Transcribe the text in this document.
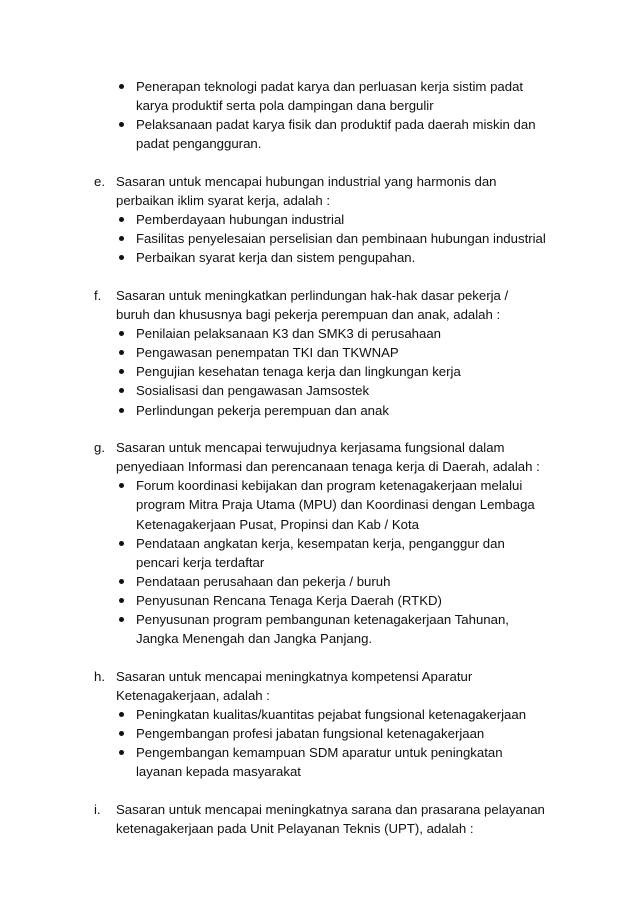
Penerapan teknologi padat karya dan perluasan kerja sistim padat
karya produktif serta pola dampingan dana bergulir
Pelaksanaan padat karya fisik dan produktif pada daerah miskin dan
padat pengangguran.
e. Sasaran untuk mencapai hubungan industrial yang harmonis dan
perbaikan iklim syarat kerja, adalah :
Pemberdayaan hubungan industrial
Fasilitas penyelesaian perselisian dan pembinaan hubungan industrial
Perbaikan syarat kerja dan sistem pengupahan.
f. Sasaran untuk meningkatkan perlindungan hak-hak dasar pekerja /
buruh dan khususnya bagi pekerja perempuan dan anak, adalah :
Penilaian pelaksanaan K3 dan SMK3 di perusahaan
Pengawasan penempatan TKI dan TKWNAP
Pengujian kesehatan tenaga kerja dan lingkungan kerja
Sosialisasi dan pengawasan Jamsostek
Perlindungan pekerja perempuan dan anak
g. Sasaran untuk mencapai terwujudnya kerjasama fungsional dalam
penyediaan Informasi dan perencanaan tenaga kerja di Daerah, adalah :
Forum koordinasi kebijakan dan program ketenagakerjaan melalui
program Mitra Praja Utama (MPU) dan Koordinasi dengan Lembaga
Ketenagakerjaan Pusat, Propinsi dan Kab / Kota
Pendataan angkatan kerja, kesempatan kerja, penganggur dan
pencari kerja terdaftar
Pendataan perusahaan dan pekerja / buruh
Penyusunan Rencana Tenaga Kerja Daerah (RTKD)
Penyusunan program pembangunan ketenagakerjaan Tahunan,
Jangka Menengah dan Jangka Panjang.
h. Sasaran untuk mencapai meningkatnya kompetensi Aparatur
Ketenagakerjaan, adalah :
Peningkatan kualitas/kuantitas pejabat fungsional ketenagakerjaan
Pengembangan profesi jabatan fungsional ketenagakerjaan
Pengembangan kemampuan SDM aparatur untuk peningkatan
layanan kepada masyarakat
i. Sasaran untuk mencapai meningkatnya sarana dan prasarana pelayanan
ketenagakerjaan pada Unit Pelayanan Teknis (UPT), adalah :
